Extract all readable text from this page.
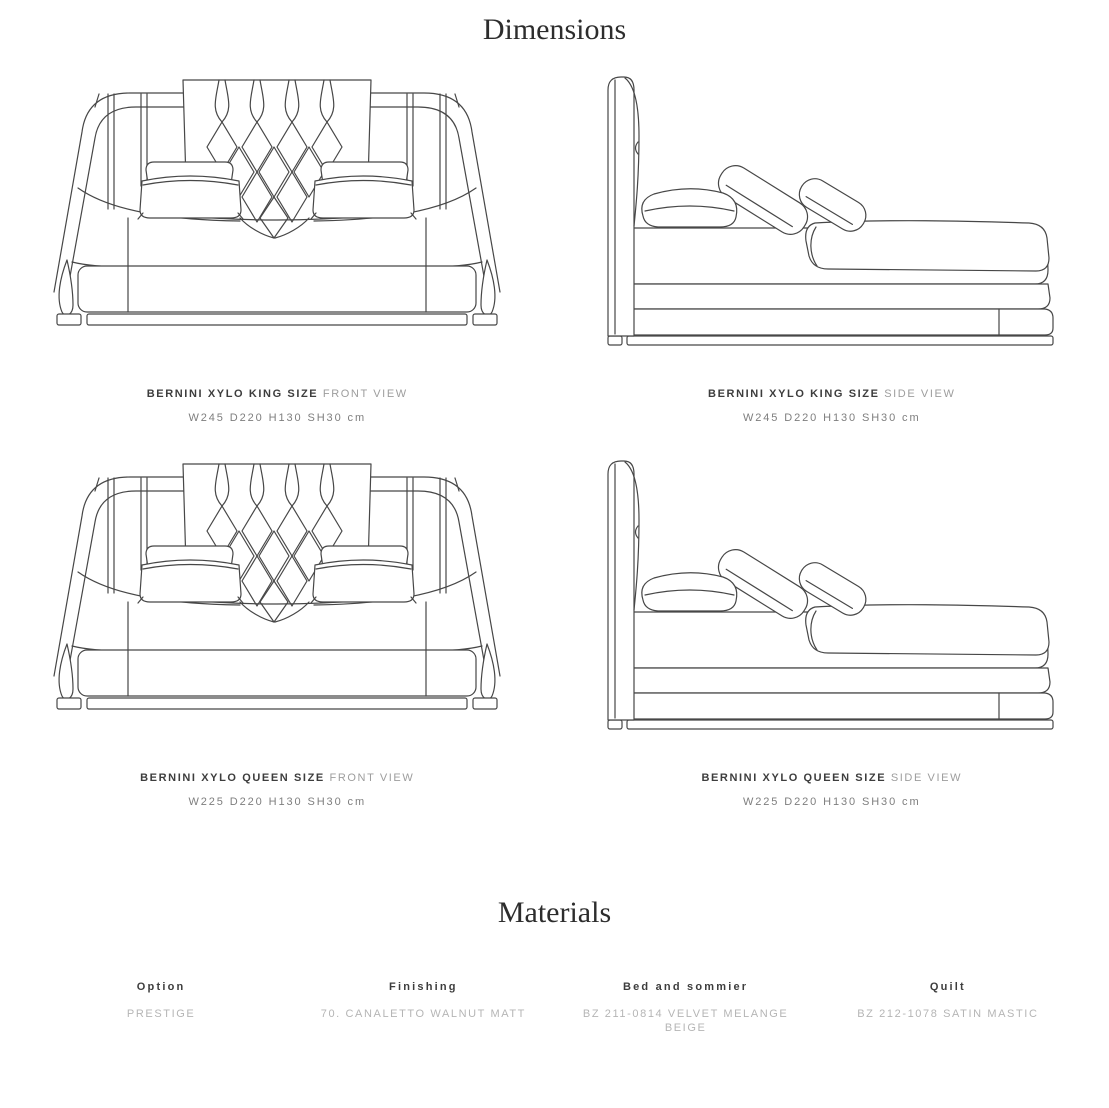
Dimensions
BERNINI XYLO KING SIZE FRONT VIEW
W245 D220 H130 SH30 cm
BERNINI XYLO KING SIZE SIDE VIEW
W245 D220 H130 SH30 cm
BERNINI XYLO QUEEN SIZE FRONT VIEW
W225 D220 H130 SH30 cm
BERNINI XYLO QUEEN SIZE SIDE VIEW
W225 D220 H130 SH30 cm
Materials
Option
PRESTIGE
Finishing
70. CANALETTO WALNUT MATT
Bed and sommier
BZ 211-0814 VELVET MELANGE BEIGE
Quilt
BZ 212-1078 SATIN MASTIC
